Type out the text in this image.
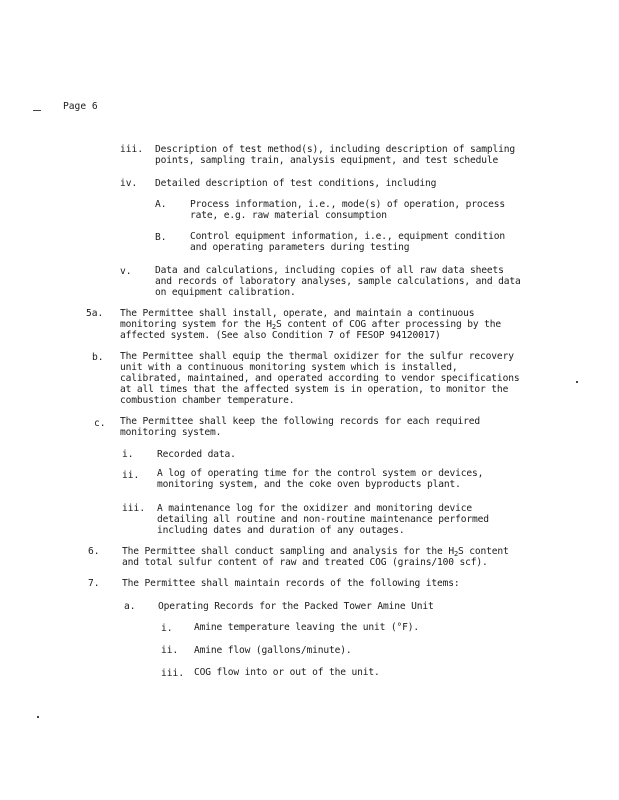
Page 6
iii. Description of test method(s), including description of sampling
points, sampling train, analysis equipment, and test schedule
iv. Detailed description of test conditions, including
A. Process information, i.e., mode(s) of operation, process
rate, e.g. raw material consumption
B. Control equipment information, i.e., equipment condition
and operating parameters during testing
v. Data and calculations, including copies of all raw data sheets
and records of laboratory analyses, sample calculations, and data
on equipment calibration.
5a. The Permittee shall install, operate, and maintain a continuous
monitoring system for the $H_2S$ content of COG after processing by the
affected system. (See also Condition 7 of FESOP 94120017)
b. The Permittee shall equip the thermal oxidizer for the sulfur recovery
unit with a continuous monitoring system which is installed,
calibrated, maintained, and operated according to vendor specifications
at all times that the affected system is in operation, to monitor the
combustion chamber temperature.
c. The Permittee shall keep the following records for each required
monitoring system.
i. Recorded data.
ii. A log of operating time for the control system or devices,
monitoring system, and the coke oven byproducts plant.
iii. A maintenance log for the oxidizer and monitoring device
detailing all routine and non-routine maintenance performed
including dates and duration of any outages.
6. The Permittee shall conduct sampling and analysis for the $H_2S$ content
and total sulfur content of raw and treated COG (grains/100 scf).
7. The Permittee shall maintain records of the following items:
a. Operating Records for the Packed Tower Amine Unit
i. Amine temperature leaving the unit (°F).
ii. Amine flow (gallons/minute).
iii. COG flow into or out of the unit.
